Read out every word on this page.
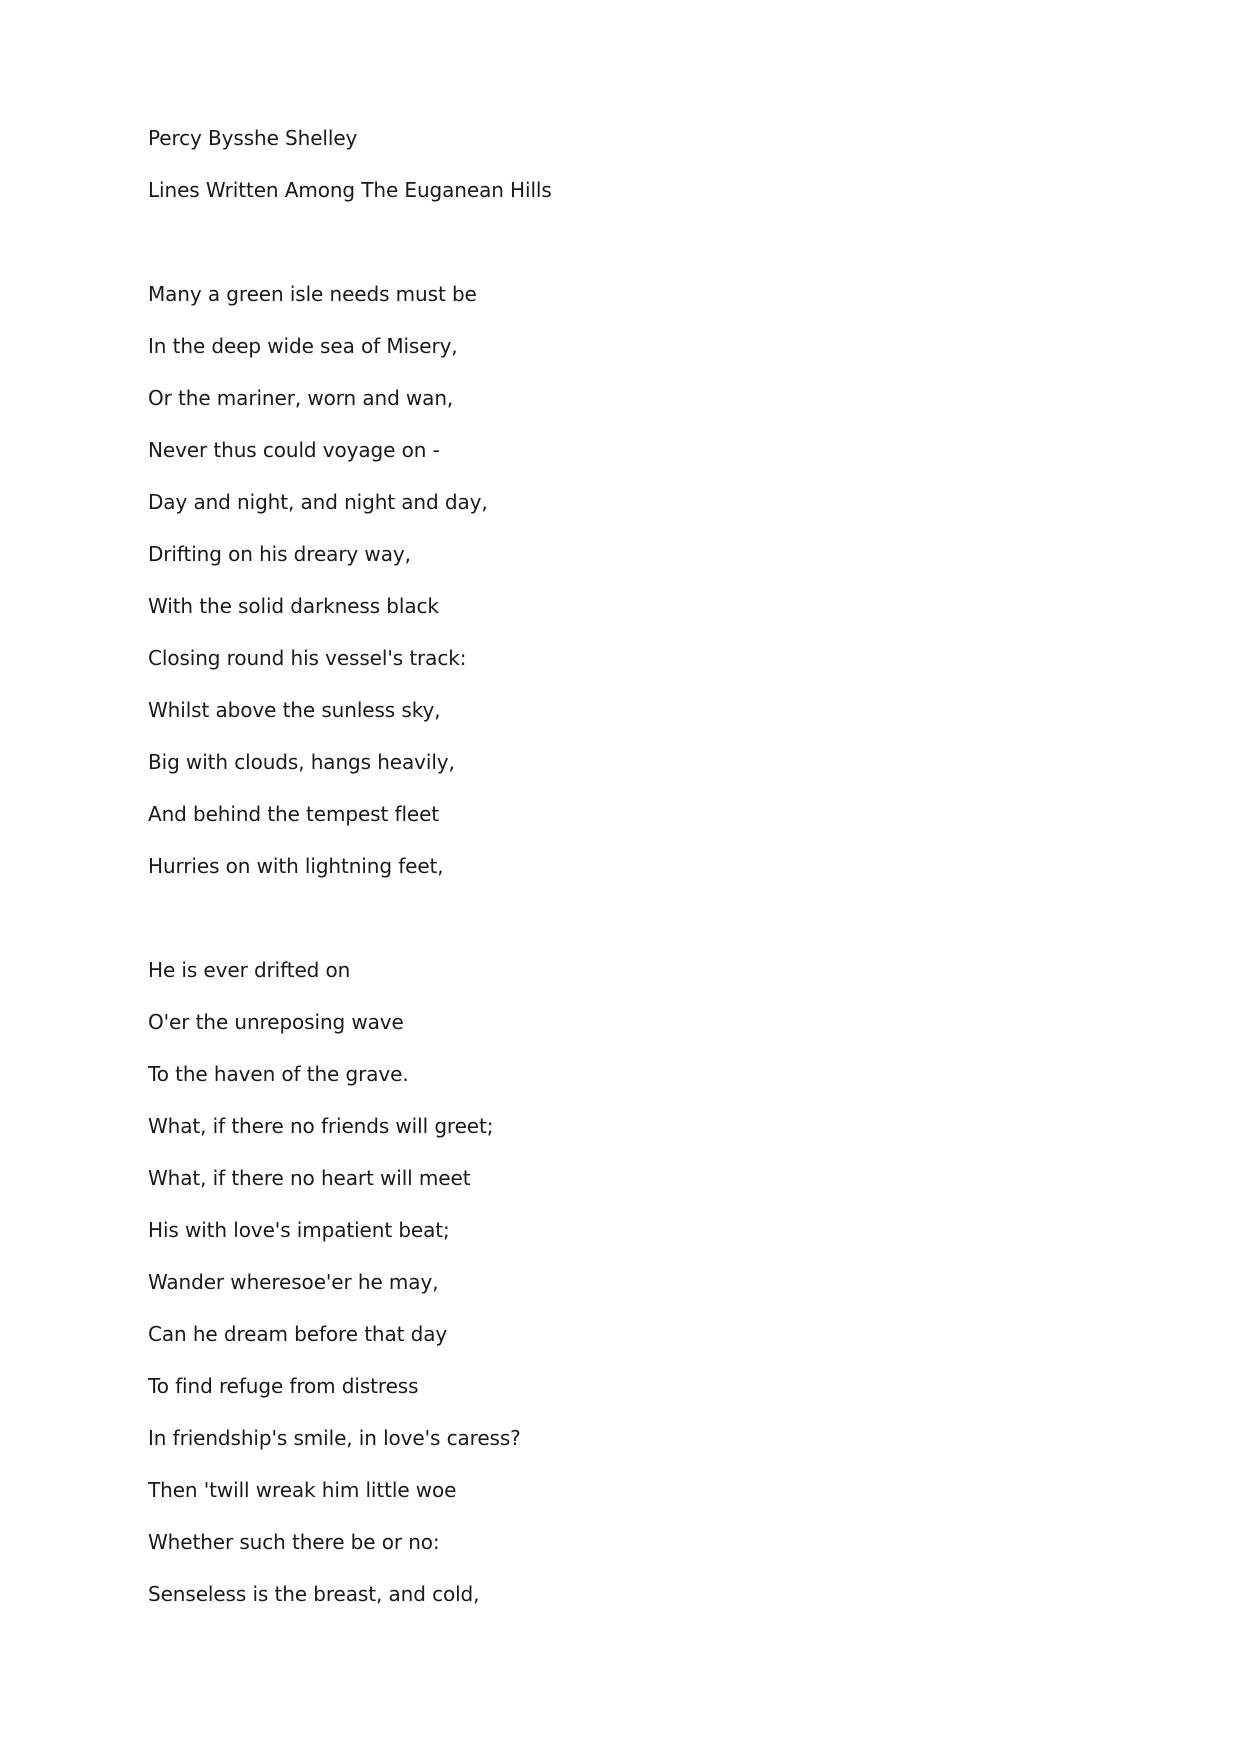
Percy Bysshe Shelley
Lines Written Among The Euganean Hills
Many a green isle needs must be
In the deep wide sea of Misery,
Or the mariner, worn and wan,
Never thus could voyage on -
Day and night, and night and day,
Drifting on his dreary way,
With the solid darkness black
Closing round his vessel's track:
Whilst above the sunless sky,
Big with clouds, hangs heavily,
And behind the tempest fleet
Hurries on with lightning feet,
He is ever drifted on
O'er the unreposing wave
To the haven of the grave.
What, if there no friends will greet;
What, if there no heart will meet
His with love's impatient beat;
Wander wheresoe'er he may,
Can he dream before that day
To find refuge from distress
In friendship's smile, in love's caress?
Then 'twill wreak him little woe
Whether such there be or no:
Senseless is the breast, and cold,
